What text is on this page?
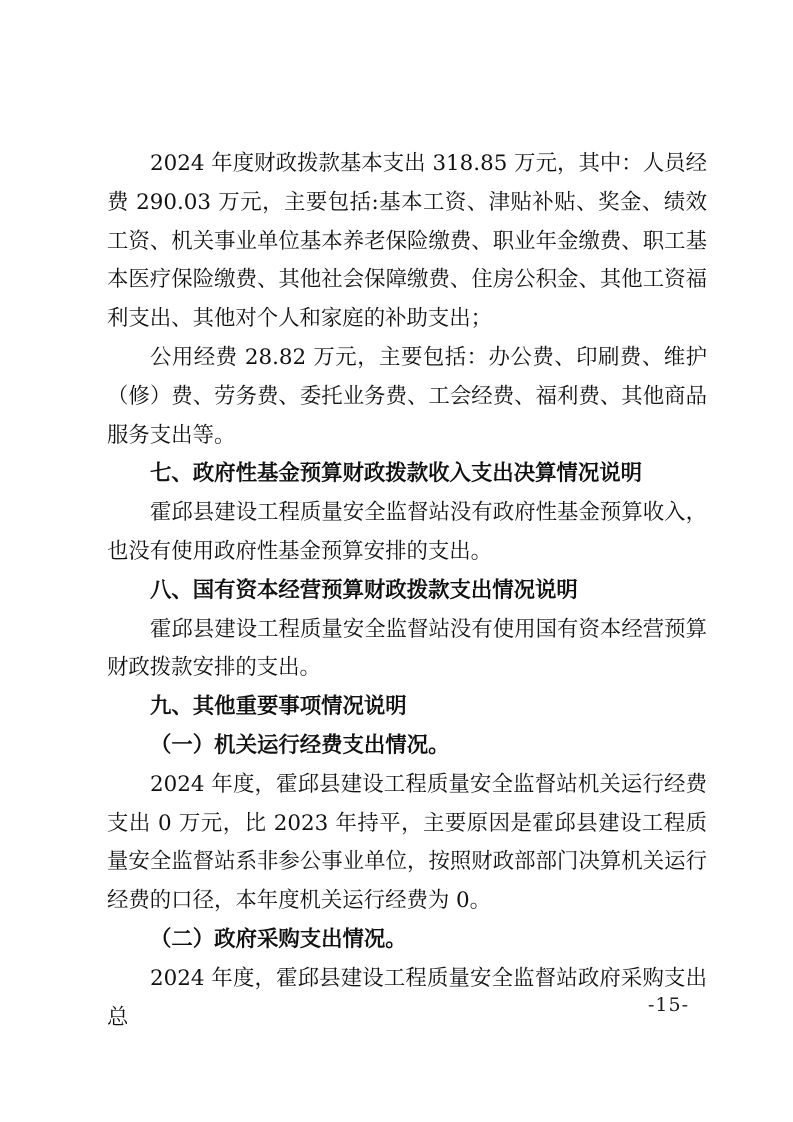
2024 年度财政拨款基本支出 318.85 万元，其中：人员经费 290.03 万元，主要包括:基本工资、津贴补贴、奖金、绩效工资、机关事业单位基本养老保险缴费、职业年金缴费、职工基本医疗保险缴费、其他社会保障缴费、住房公积金、其他工资福利支出、其他对个人和家庭的补助支出；

公用经费 28.82 万元，主要包括：办公费、印刷费、维护（修）费、劳务费、委托业务费、工会经费、福利费、其他商品服务支出等。

七、政府性基金预算财政拨款收入支出决算情况说明

霍邱县建设工程质量安全监督站没有政府性基金预算收入，也没有使用政府性基金预算安排的支出。

八、国有资本经营预算财政拨款支出情况说明

霍邱县建设工程质量安全监督站没有使用国有资本经营预算财政拨款安排的支出。

九、其他重要事项情况说明

（一）机关运行经费支出情况。

2024 年度，霍邱县建设工程质量安全监督站机关运行经费支出 0 万元，比 2023 年持平，主要原因是霍邱县建设工程质量安全监督站系非参公事业单位，按照财政部部门决算机关运行经费的口径，本年度机关运行经费为 0。

（二）政府采购支出情况。

2024 年度，霍邱县建设工程质量安全监督站政府采购支出总	-15-
